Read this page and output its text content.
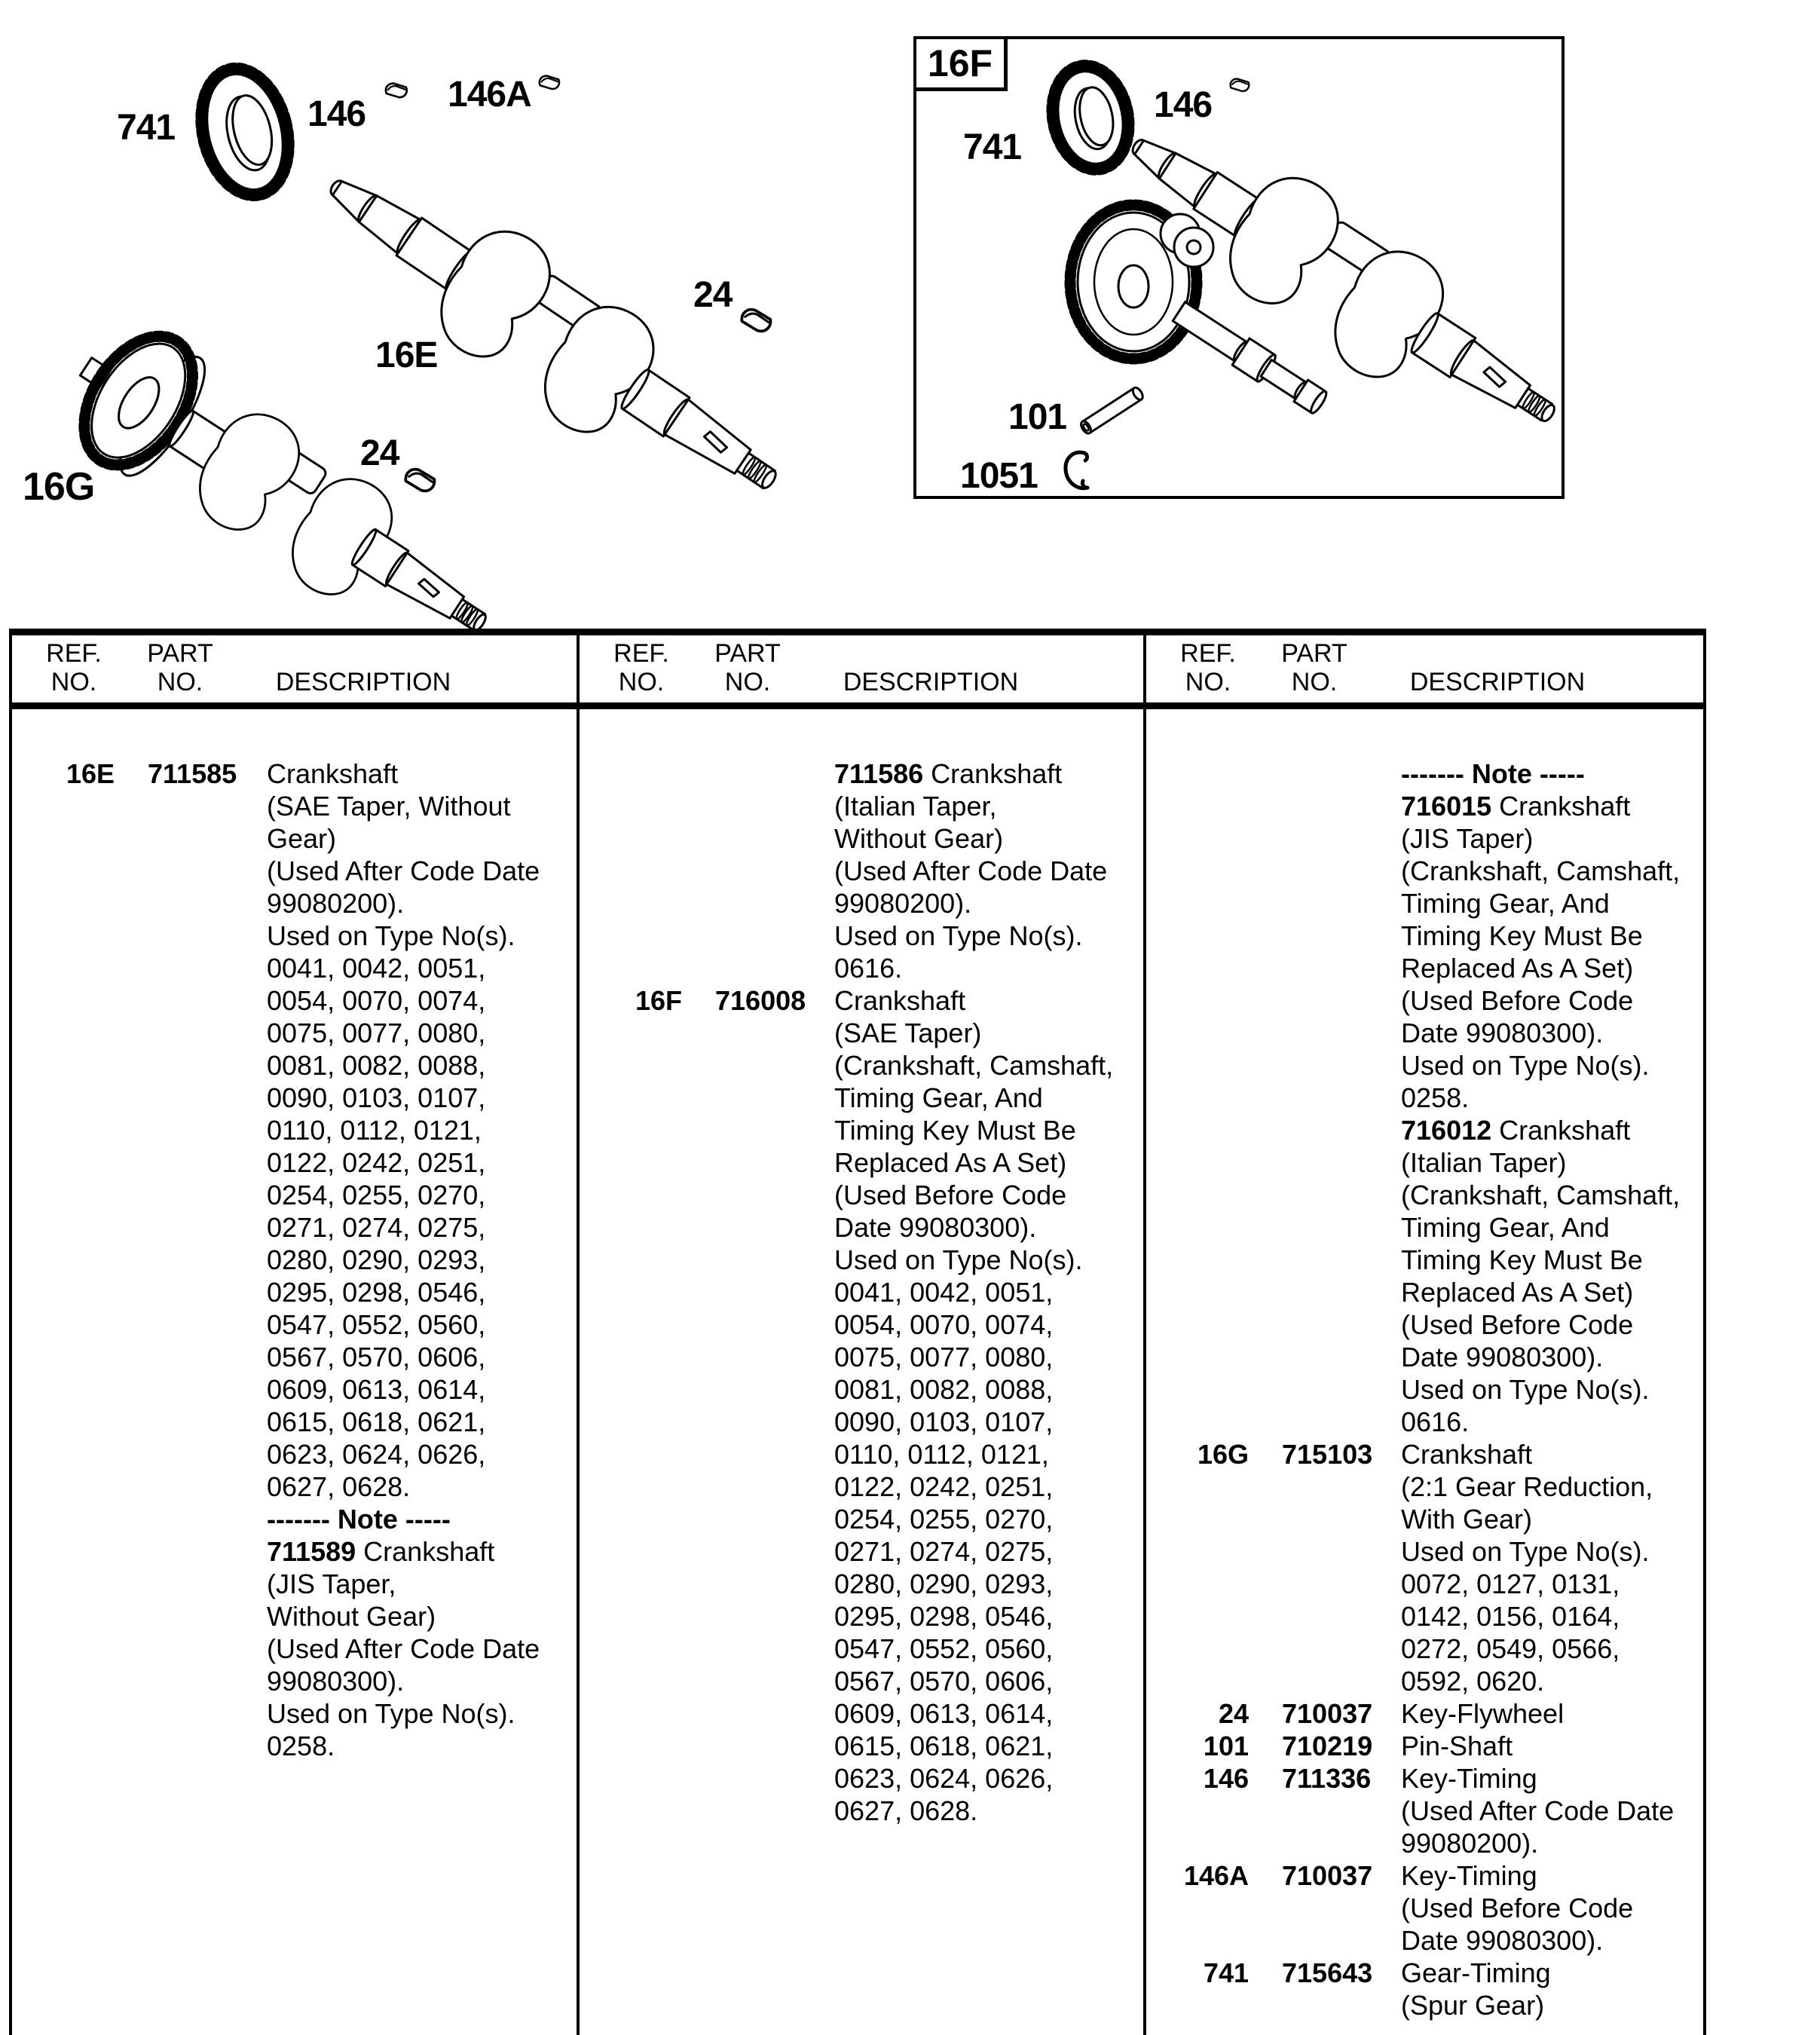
741	146 146A
24
16E
24
16G
16F
741
146
101
1051
REF.
NO.
PART
NO.	DESCRIPTION
REF.
NO.
PART
NO.	DESCRIPTION
REF.
NO.
PART
NO.	DESCRIPTION
16E 711585	Crankshaft
(SAE Taper, Without
Gear)
(Used After Code Date
99080200).
Used on Type No(s).
0041, 0042, 0051,
0054, 0070, 0074,
0075, 0077, 0080,
0081, 0082, 0088,
0090, 0103, 0107,
0110, 0112, 0121,
0122, 0242, 0251,
0254, 0255, 0270,
0271, 0274, 0275,
0280, 0290, 0293,
0295, 0298, 0546,
0547, 0552, 0560,
0567, 0570, 0606,
0609, 0613, 0614,
0615, 0618, 0621,
0623, 0624, 0626,
0627, 0628.
------- Note -----
711589 Crankshaft
(JIS Taper,
Without Gear)
(Used After Code Date
99080300).
Used on Type No(s).
0258.
711586 Crankshaft
(Italian Taper,
Without Gear)
(Used After Code Date
99080200).
Used on Type No(s).
0616.
16F 716008	Crankshaft
(SAE Taper)
(Crankshaft, Camshaft,
Timing Gear, And
Timing Key Must Be
Replaced As A Set)
(Used Before Code
Date 99080300).
Used on Type No(s).
0041, 0042, 0051,
0054, 0070, 0074,
0075, 0077, 0080,
0081, 0082, 0088,
0090, 0103, 0107,
0110, 0112, 0121,
0122, 0242, 0251,
0254, 0255, 0270,
0271, 0274, 0275,
0280, 0290, 0293,
0295, 0298, 0546,
0547, 0552, 0560,
0567, 0570, 0606,
0609, 0613, 0614,
0615, 0618, 0621,
0623, 0624, 0626,
0627, 0628.
------- Note -----
716015 Crankshaft
(JIS Taper)
(Crankshaft, Camshaft,
Timing Gear, And
Timing Key Must Be
Replaced As A Set)
(Used Before Code
Date 99080300).
Used on Type No(s).
0258.
716012 Crankshaft
(Italian Taper)
(Crankshaft, Camshaft,
Timing Gear, And
Timing Key Must Be
Replaced As A Set)
(Used Before Code
Date 99080300).
Used on Type No(s).
0616.
16G 715103	Crankshaft
(2:1 Gear Reduction,
With Gear)
Used on Type No(s).
0072, 0127, 0131,
0142, 0156, 0164,
0272, 0549, 0566,
0592, 0620.
24 710037	Key-Flywheel
101 710219	Pin-Shaft
146 711336	Key-Timing
(Used After Code Date
99080200).
146A 710037	Key-Timing
(Used Before Code
Date 99080300).
741 715643	Gear-Timing
(Spur Gear)
